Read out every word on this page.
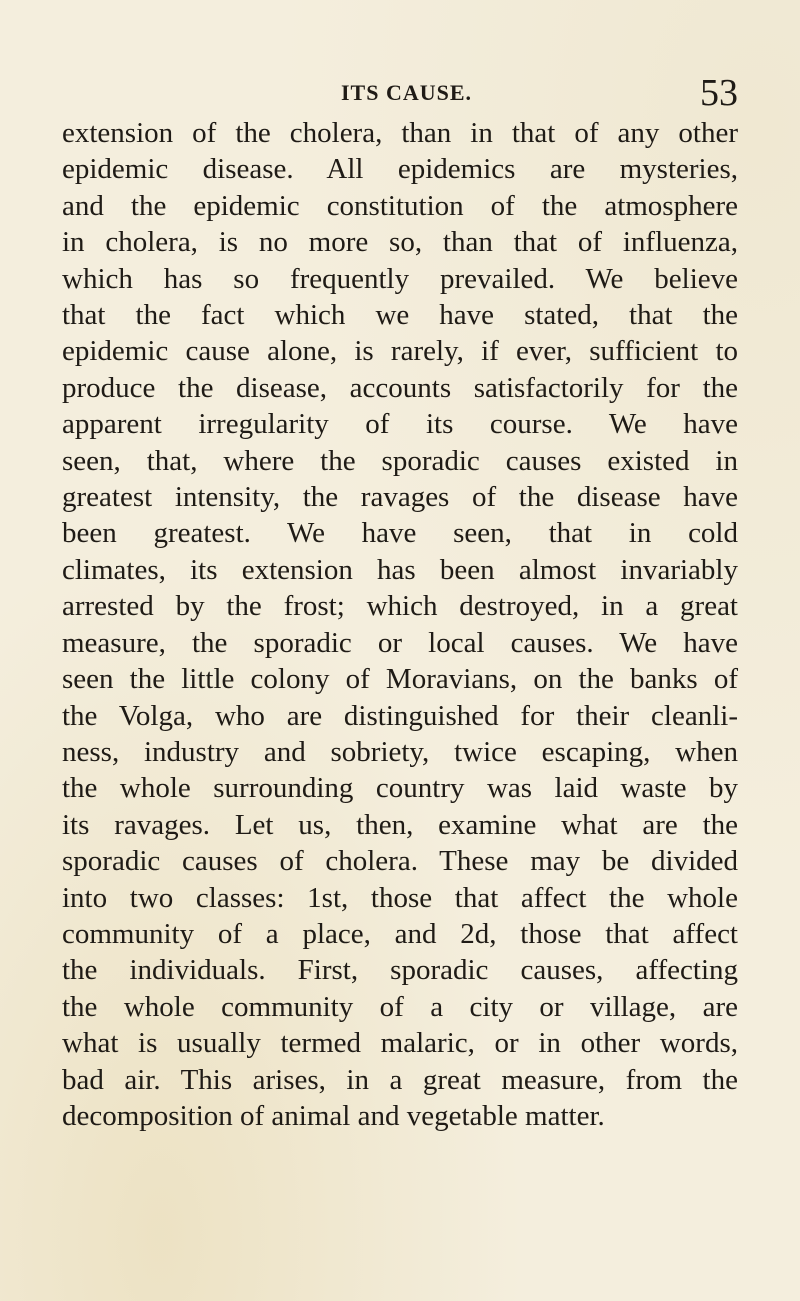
ITS CAUSE.	53
extension of the cholera, than in that of any other
epidemic disease. All epidemics are mysteries,
and the epidemic constitution of the atmosphere
in cholera, is no more so, than that of influenza,
which has so frequently prevailed. We believe
that the fact which we have stated, that the
epidemic cause alone, is rarely, if ever, sufficient to
produce the disease, accounts satisfactorily for the
apparent irregularity of its course. We have
seen, that, where the sporadic causes existed in
greatest intensity, the ravages of the disease have
been greatest. We have seen, that in cold
climates, its extension has been almost invariably
arrested by the frost; which destroyed, in a great
measure, the sporadic or local causes. We have
seen the little colony of Moravians, on the banks of
the Volga, who are distinguished for their cleanli-
ness, industry and sobriety, twice escaping, when
the whole surrounding country was laid waste by
its ravages. Let us, then, examine what are the
sporadic causes of cholera. These may be divided
into two classes: 1st, those that affect the whole
community of a place, and 2d, those that affect
the individuals. First, sporadic causes, affecting
the whole community of a city or village, are
what is usually termed malaric, or in other words,
bad air. This arises, in a great measure, from the
decomposition of animal and vegetable matter.
